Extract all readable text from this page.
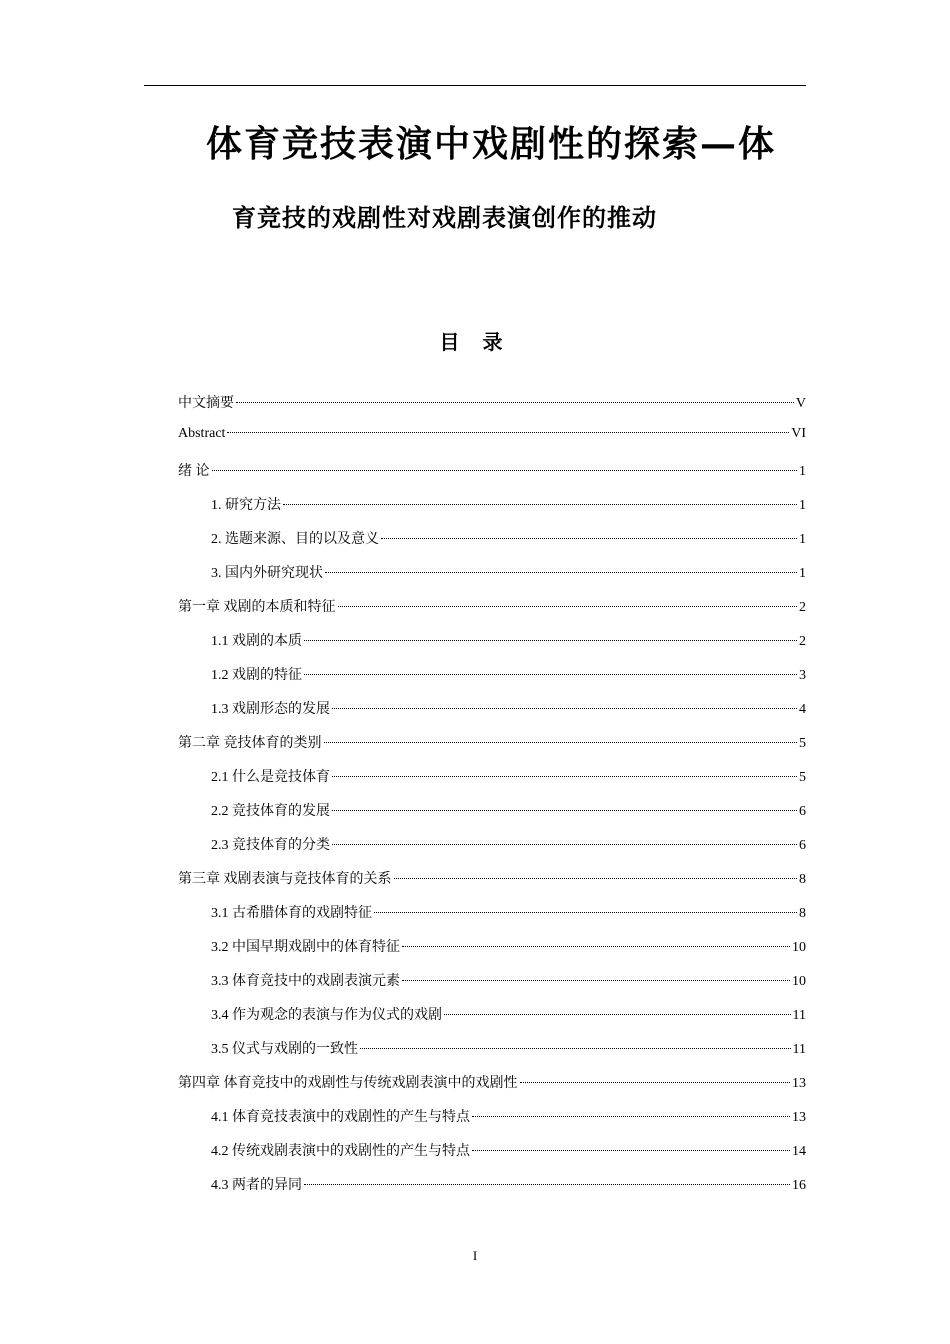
体育竞技表演中戏剧性的探索—体
育竞技的戏剧性对戏剧表演创作的推动
目 录
中文摘要	V
Abstract	VI
绪 论	1
1. 研究方法	1
2. 选题来源、目的以及意义	1
3. 国内外研究现状	1
第一章 戏剧的本质和特征	2
1.1 戏剧的本质	2
1.2 戏剧的特征	3
1.3 戏剧形态的发展	4
第二章 竞技体育的类别	5
2.1 什么是竞技体育	5
2.2 竞技体育的发展	6
2.3 竞技体育的分类	6
第三章 戏剧表演与竞技体育的关系	8
3.1 古希腊体育的戏剧特征	8
3.2 中国早期戏剧中的体育特征	10
3.3 体育竞技中的戏剧表演元素	10
3.4 作为观念的表演与作为仪式的戏剧	11
3.5 仪式与戏剧的一致性	11
第四章 体育竞技中的戏剧性与传统戏剧表演中的戏剧性	13
4.1 体育竞技表演中的戏剧性的产生与特点	13
4.2 传统戏剧表演中的戏剧性的产生与特点	14
4.3 两者的异同	16
I
